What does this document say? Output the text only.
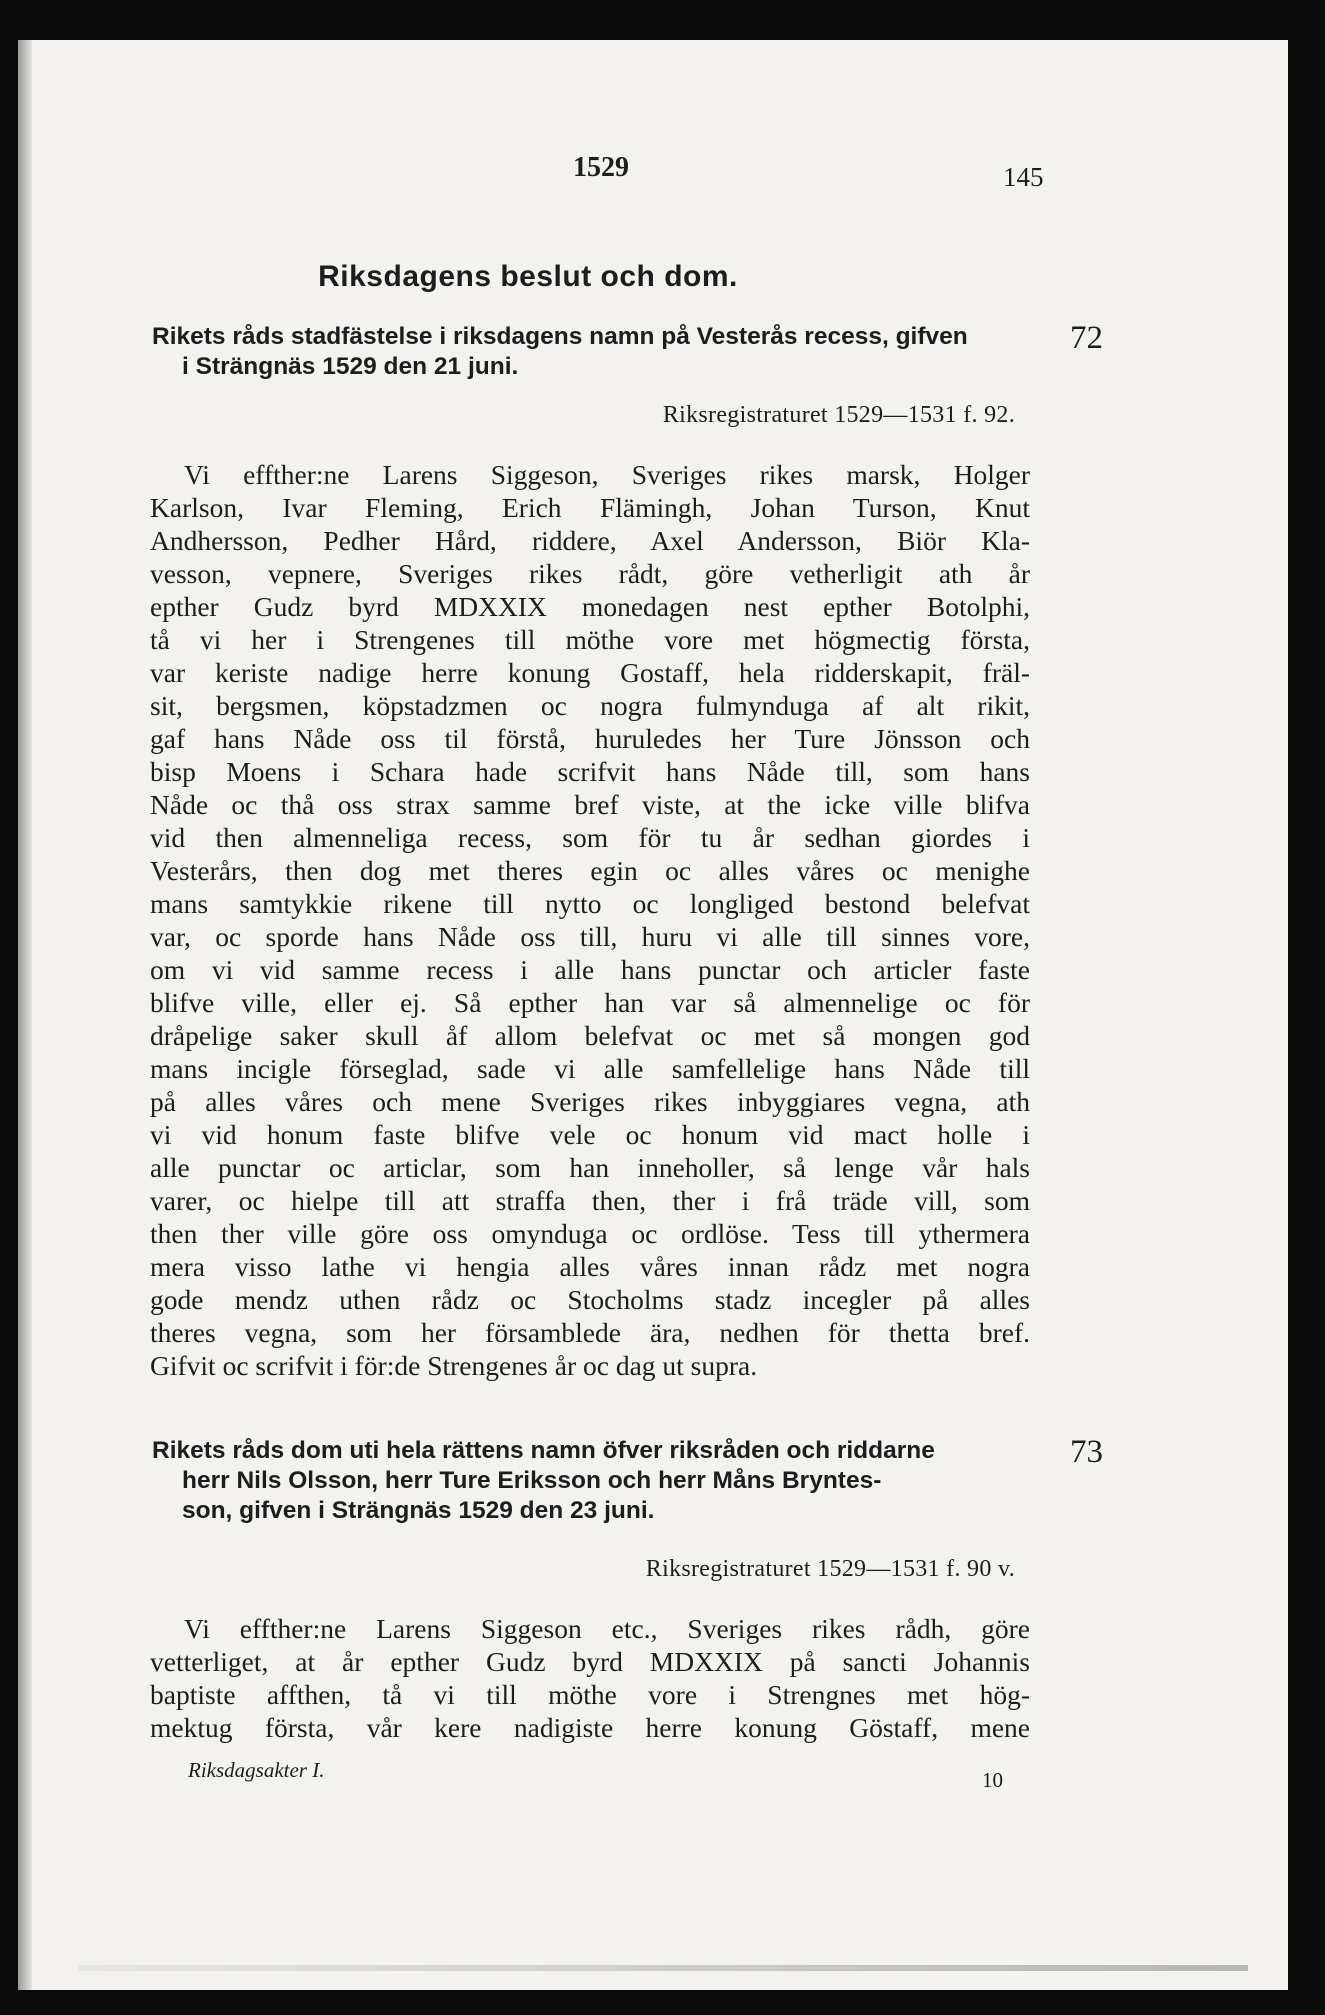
1529	145
Riksdagens beslut och dom.
72
Rikets råds stadfästelse i riksdagens namn på Vesterås recess, gifven
i Strängnäs 1529 den 21 juni.
Riksregistraturet 1529—1531 f. 92.
Vi effther:ne Larens Siggeson, Sveriges rikes marsk, Holger
Karlson, Ivar Fleming, Erich Flämingh, Johan Turson, Knut
Andhersson, Pedher Hård, riddere, Axel Andersson, Biör Kla-
vesson, vepnere, Sveriges rikes rådt, göre vetherligit ath år
epther Gudz byrd MDXXIX monedagen nest epther Botolphi,
tå vi her i Strengenes till möthe vore met högmectig första,
var keriste nadige herre konung Gostaff, hela ridderskapit, fräl-
sit, bergsmen, köpstadzmen oc nogra fulmynduga af alt rikit,
gaf hans Nåde oss til förstå, huruledes her Ture Jönsson och
bisp Moens i Schara hade scrifvit hans Nåde till, som hans
Nåde oc thå oss strax samme bref viste, at the icke ville blifva
vid then almenneliga recess, som för tu år sedhan giordes i
Vesterårs, then dog met theres egin oc alles våres oc menighe
mans samtykkie rikene till nytto oc longliged bestond belefvat
var, oc sporde hans Nåde oss till, huru vi alle till sinnes vore,
om vi vid samme recess i alle hans punctar och articler faste
blifve ville, eller ej. Så epther han var så almennelige oc för
dråpelige saker skull åf allom belefvat oc met så mongen god
mans incigle förseglad, sade vi alle samfellelige hans Nåde till
på alles våres och mene Sveriges rikes inbyggiares vegna, ath
vi vid honum faste blifve vele oc honum vid mact holle i
alle punctar oc articlar, som han inneholler, så lenge vår hals
varer, oc hielpe till att straffa then, ther i frå träde vill, som
then ther ville göre oss omynduga oc ordlöse. Tess till ythermera
mera visso lathe vi hengia alles våres innan rådz met nogra
gode mendz uthen rådz oc Stocholms stadz incegler på alles
theres vegna, som her församblede ära, nedhen för thetta bref.
Gifvit oc scrifvit i för:de Strengenes år oc dag ut supra.
73
Rikets råds dom uti hela rättens namn öfver riksråden och riddarne
herr Nils Olsson, herr Ture Eriksson och herr Måns Bryntes-
son, gifven i Strängnäs 1529 den 23 juni.
Riksregistraturet 1529—1531 f. 90 v.
Vi effther:ne Larens Siggeson etc., Sveriges rikes rådh, göre
vetterliget, at år epther Gudz byrd MDXXIX på sancti Johannis
baptiste affthen, tå vi till möthe vore i Strengnes met hög-
mektug första, vår kere nadigiste herre konung Göstaff, mene
Riksdagsakter I.	10
